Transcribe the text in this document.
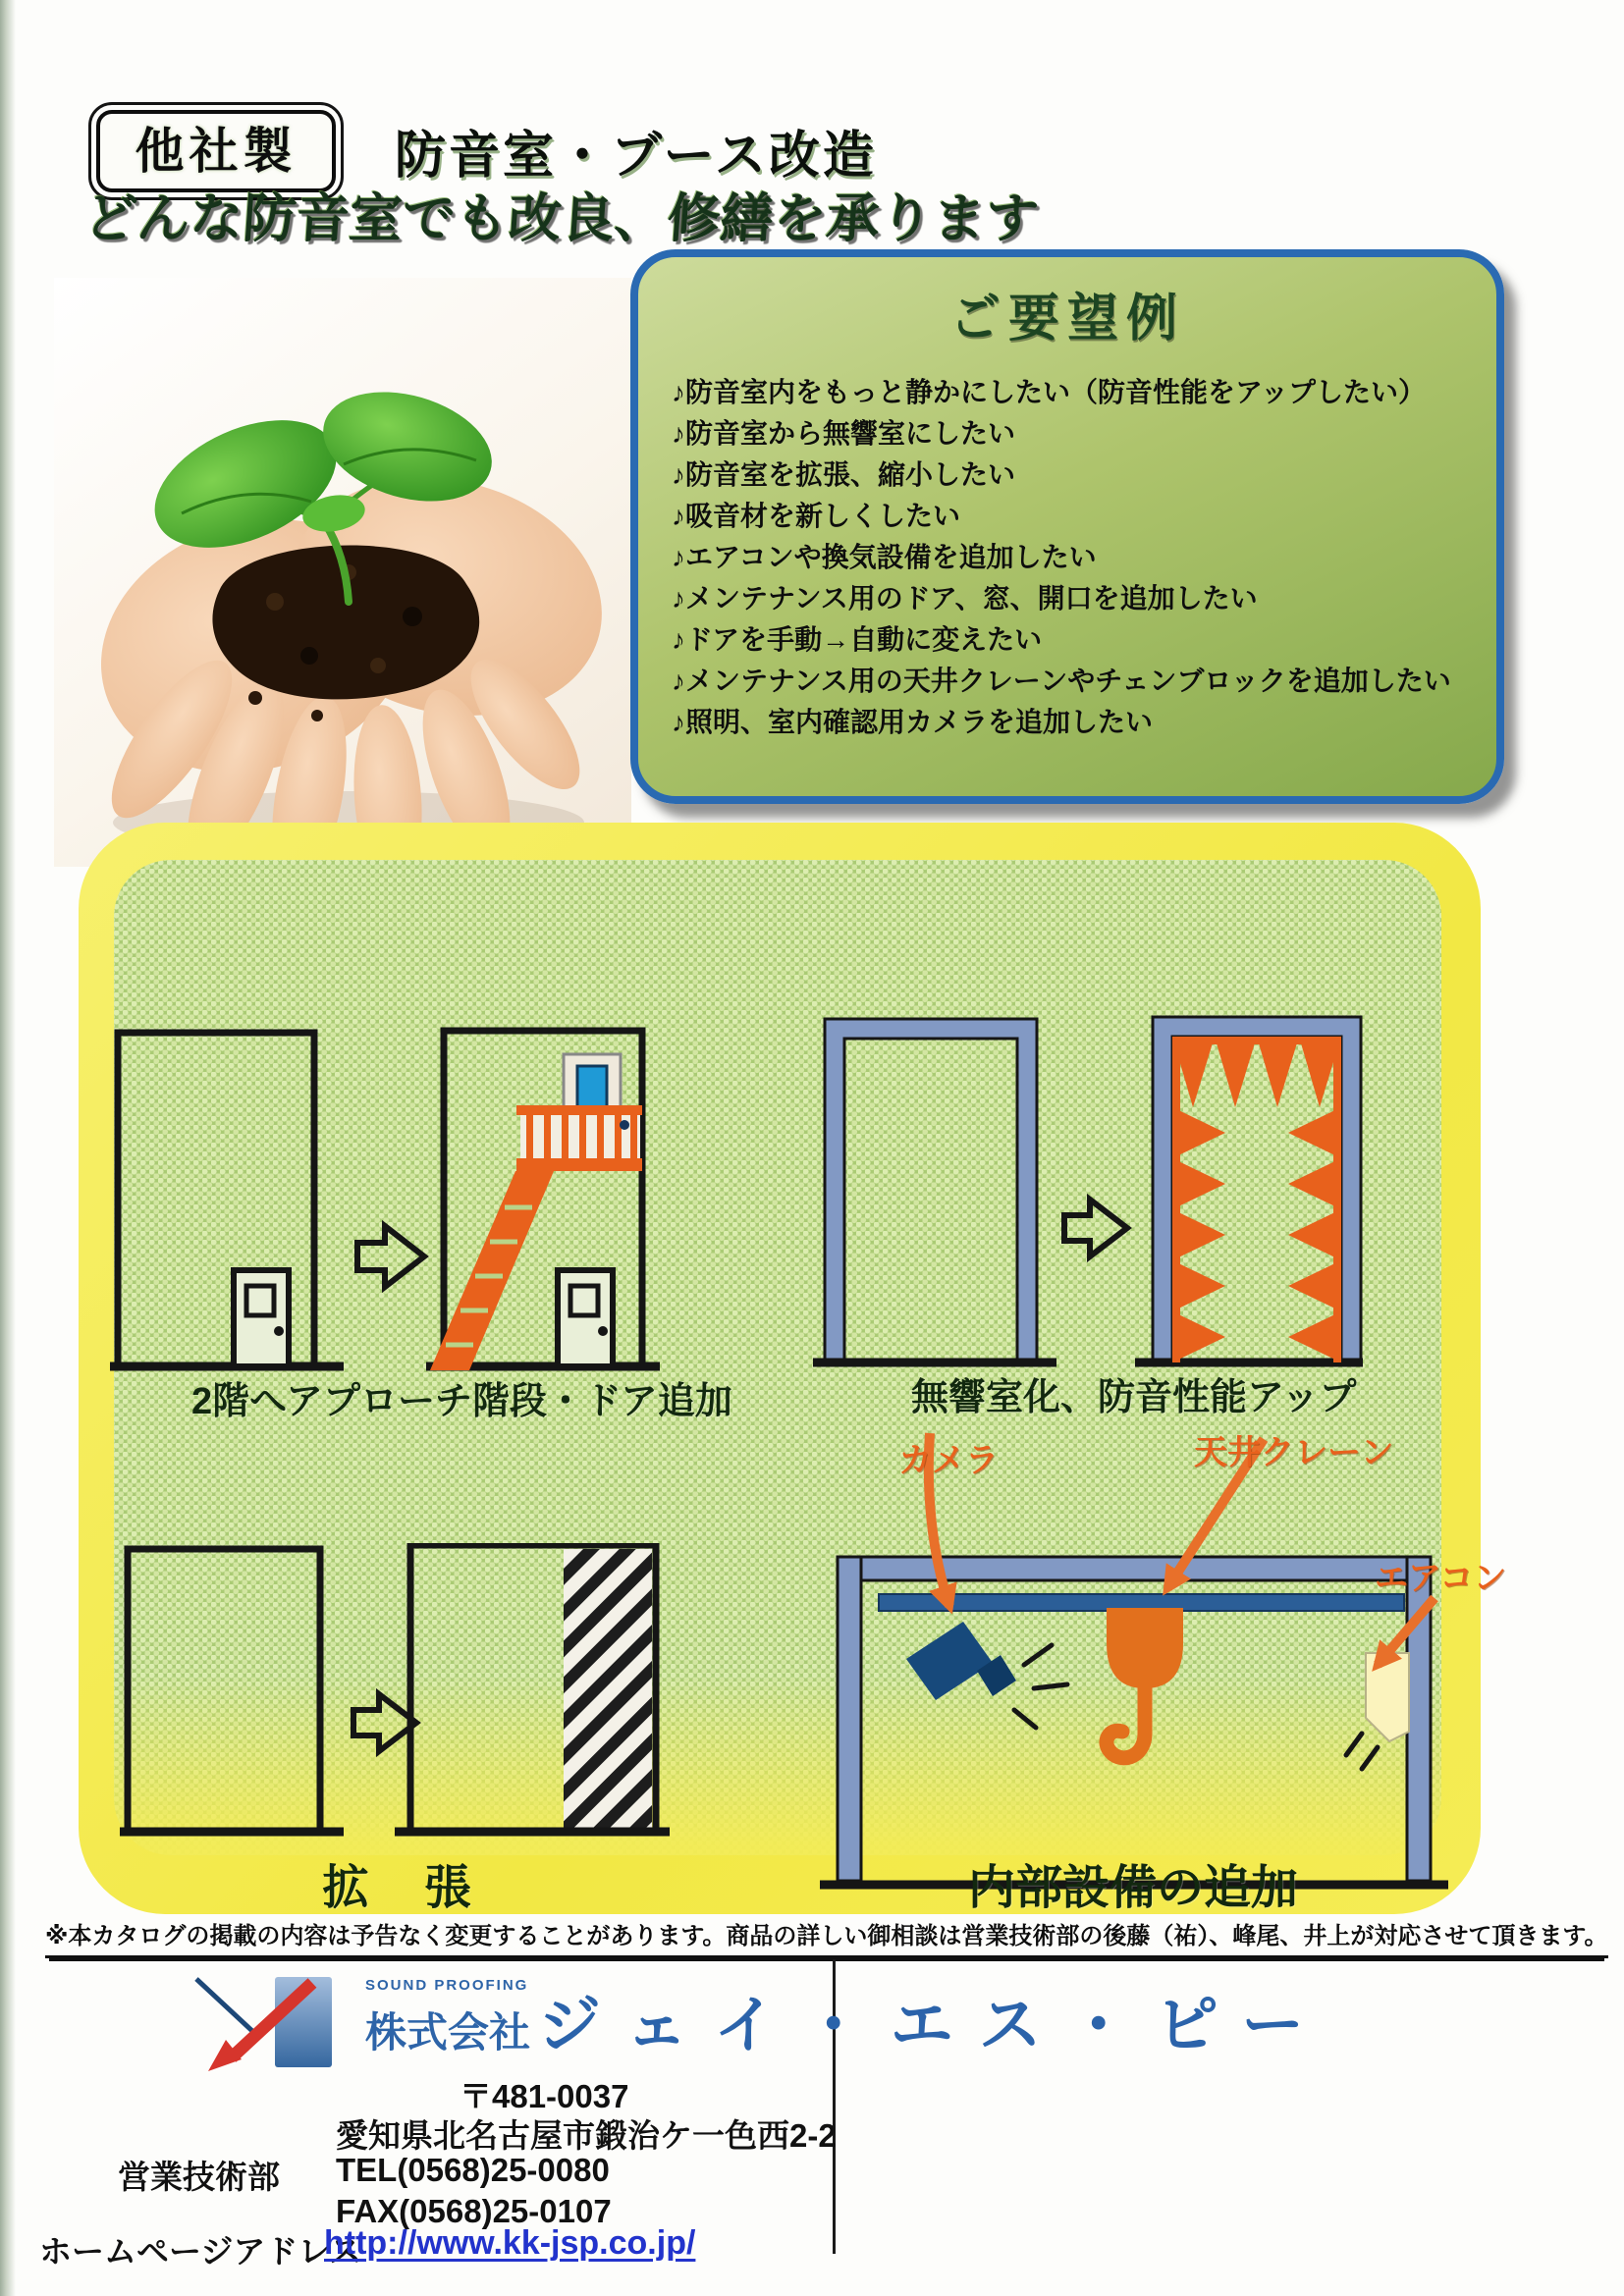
他社製	防音室・ブース改造
どんな防音室でも改良、修繕を承ります
ご要望例
♪防音室内をもっと静かにしたい（防音性能をアップしたい）
♪防音室から無響室にしたい
♪防音室を拡張、縮小したい
♪吸音材を新しくしたい
♪エアコンや換気設備を追加したい
♪メンテナンス用のドア、窓、開口を追加したい
♪ドアを手動→自動に変えたい
♪メンテナンス用の天井クレーンやチェンブロックを追加したい
♪照明、室内確認用カメラを追加したい
2階へアプローチ階段・ドア追加	無響室化、防音性能アップ
拡　張	内部設備の追加
カメラ	天井クレーン
エアコン
※本カタログの掲載の内容は予告なく変更することがあります。商品の詳しい御相談は営業技術部の後藤（祐）、峰尾、井上が対応させて頂きます。
SOUND PROOFING
株式会社 ジェイ・エス・ピー
〒481-0037
愛知県北名古屋市鍛治ケ一色西2-2
営業技術部 TEL(0568)25-0080
FAX(0568)25-0107
ホームページアドレス
http://www.kk-jsp.co.jp/
